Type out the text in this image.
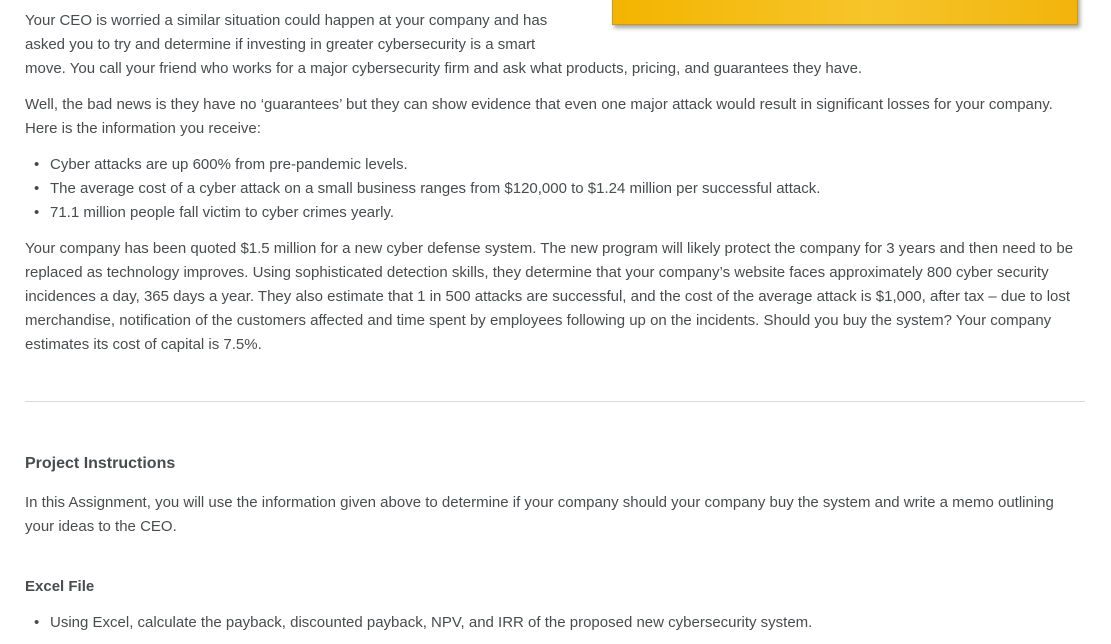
Your CEO is worried a similar situation could happen at your company and has
asked you to try and determine if investing in greater cybersecurity is a smart
move. You call your friend who works for a major cybersecurity firm and ask what products, pricing, and guarantees they have.

Well, the bad news is they have no ‘guarantees’ but they can show evidence that even one major attack would result in significant losses for your company. Here is the information you receive:

• Cyber attacks are up 600% from pre-pandemic levels.
• The average cost of a cyber attack on a small business ranges from $120,000 to $1.24 million per successful attack.
• 71.1 million people fall victim to cyber crimes yearly.

Your company has been quoted $1.5 million for a new cyber defense system. The new program will likely protect the company for 3 years and then need to be replaced as technology improves. Using sophisticated detection skills, they determine that your company’s website faces approximately 800 cyber security incidences a day, 365 days a year. They also estimate that 1 in 500 attacks are successful, and the cost of the average attack is $1,000, after tax – due to lost merchandise, notification of the customers affected and time spent by employees following up on the incidents. Should you buy the system? Your company estimates its cost of capital is 7.5%.

Project Instructions

In this Assignment, you will use the information given above to determine if your company should your company buy the system and write a memo outlining your ideas to the CEO.

Excel File
• Using Excel, calculate the payback, discounted payback, NPV, and IRR of the proposed new cybersecurity system.
